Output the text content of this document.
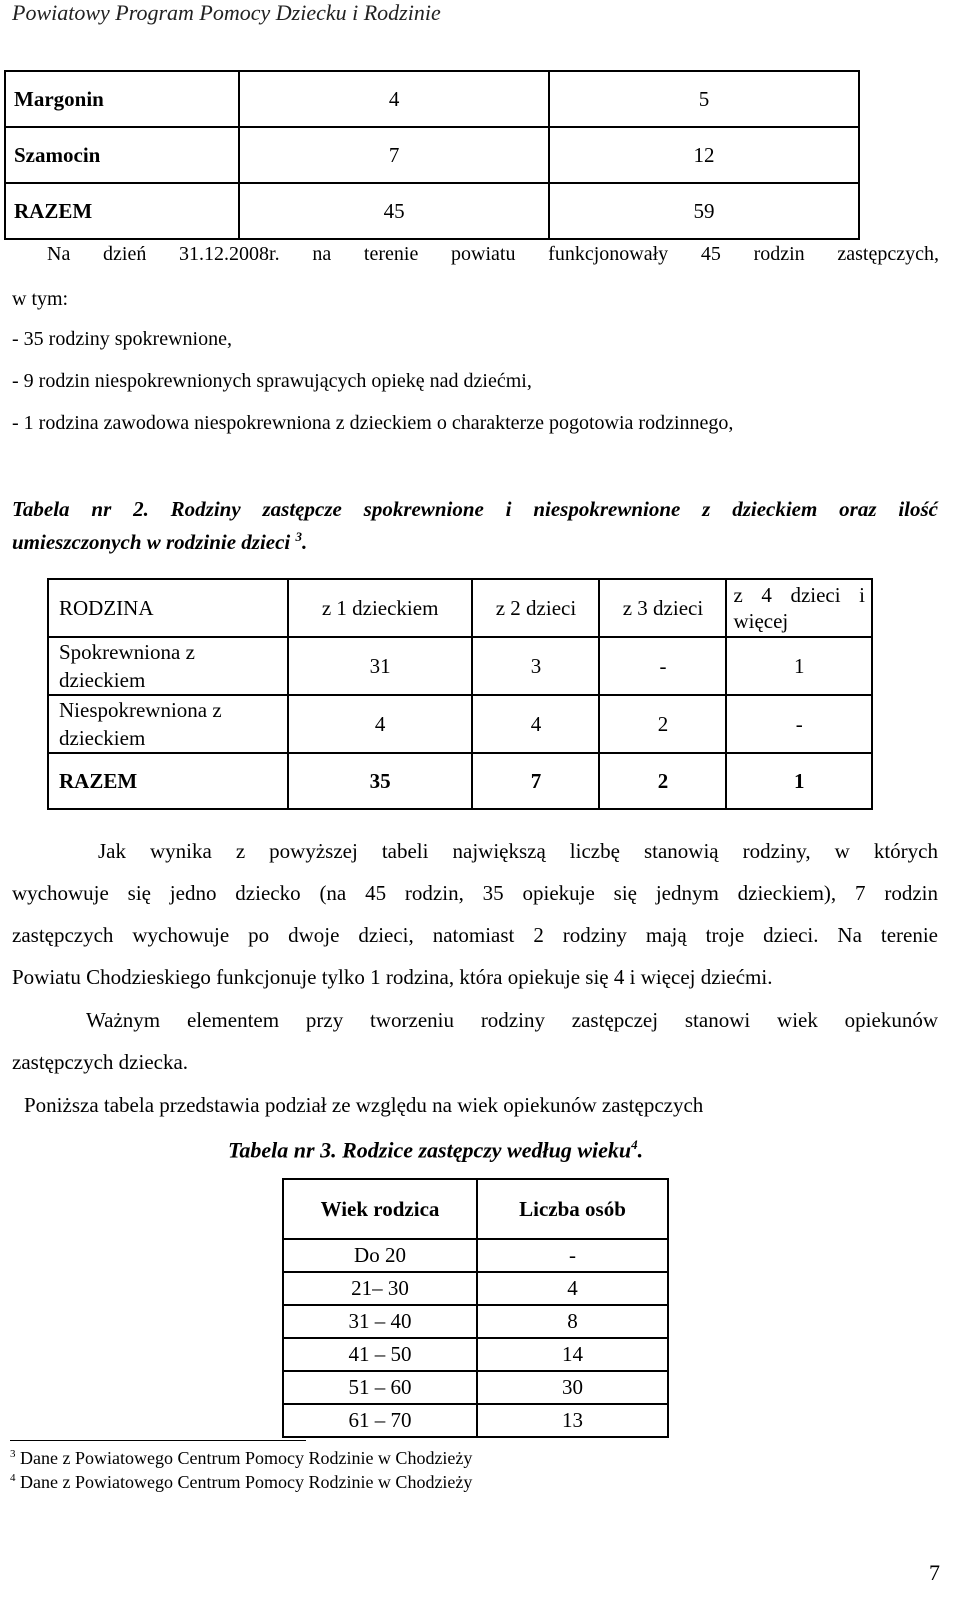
Powiatowy Program Pomocy Dziecku i Rodzinie
Margonin	4	5
Szamocin	7	12
RAZEM	45	59
Na dzień 31.12.2008r. na terenie powiatu funkcjonowały 45 rodzin zastępczych,
w tym:
- 35 rodziny spokrewnione,
- 9 rodzin niespokrewnionych sprawujących opiekę nad dziećmi,
- 1 rodzina zawodowa niespokrewniona z dzieckiem o charakterze pogotowia rodzinnego,
Tabela nr 2. Rodziny zastępcze spokrewnione i niespokrewnione z dzieckiem oraz ilość
umieszczonych w rodzinie dzieci $^3$.
RODZINA	z 1 dzieckiem	z 2 dzieci	z 3 dzieci	z 4 dzieci i więcej
Spokrewniona z dzieckiem	31	3	-	1
Niespokrewniona z dzieckiem	4	4	2	-
RAZEM	35	7	2	1
Jak wynika z powyższej tabeli największą liczbę stanowią rodziny, w których
wychowuje się jedno dziecko (na 45 rodzin, 35 opiekuje się jednym dzieckiem), 7 rodzin
zastępczych wychowuje po dwoje dzieci, natomiast 2 rodziny mają troje dzieci. Na terenie
Powiatu Chodzieskiego funkcjonuje tylko 1 rodzina, która opiekuje się 4 i więcej dziećmi.
Ważnym elementem przy tworzeniu rodziny zastępczej stanowi wiek opiekunów
zastępczych dziecka.
Poniższa tabela przedstawia podział ze względu na wiek opiekunów zastępczych
Tabela nr 3. Rodzice zastępczy według wieku$^4$.
Wiek rodzica	Liczba osób
Do 20	-
21– 30	4
31 – 40	8
41 – 50	14
51 – 60	30
61 – 70	13
$^3$ Dane z Powiatowego Centrum Pomocy Rodzinie w Chodzieży
$^4$ Dane z Powiatowego Centrum Pomocy Rodzinie w Chodzieży
7
